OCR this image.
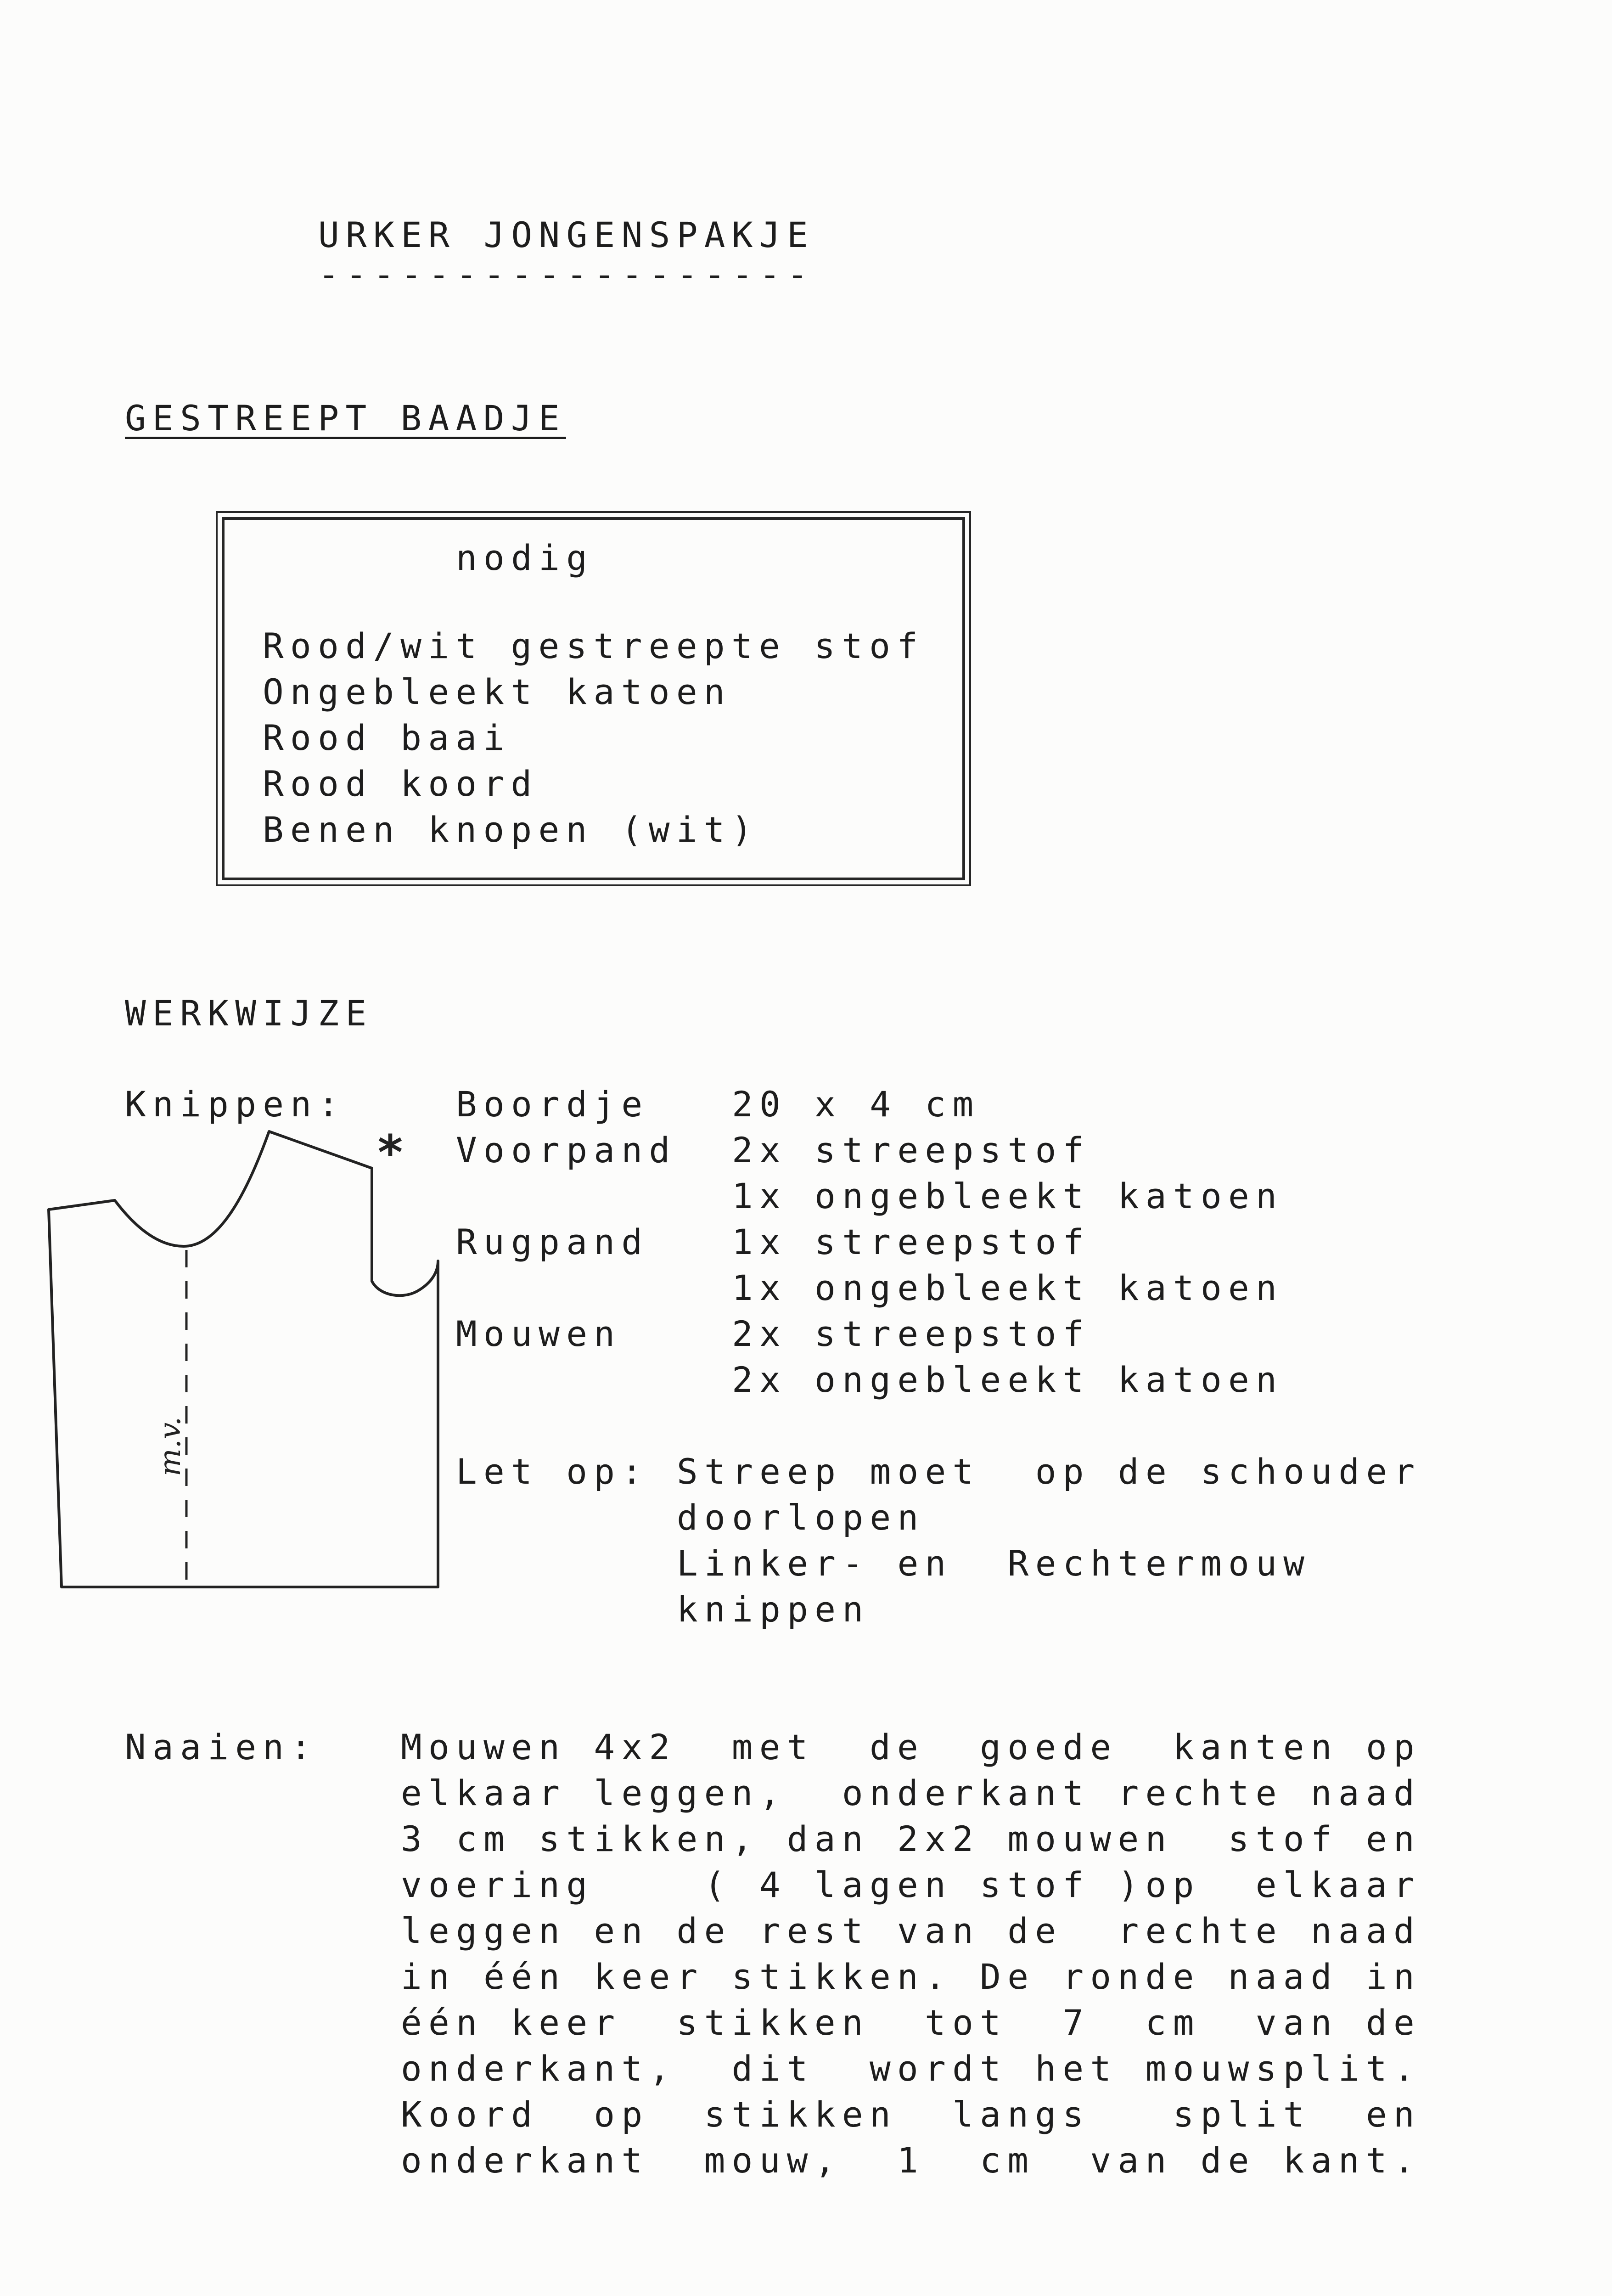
URKER JONGENSPAKJE
------------------
GESTREEPT BAADJE
nodig
Rood/wit gestreepte stof
Ongebleekt katoen
Rood baai
Rood koord
Benen knopen (wit)
WERKWIJZE
Knippen:	Boordje 20 x 4 cm
Voorpand 2x streepstof
1x ongebleekt katoen
Rugpand 1x streepstof
1x ongebleekt katoen
Mouwen	2x streepstof
2x ongebleekt katoen
Let op: Streep moet  op de schouder
doorlopen
Linker- en  Rechtermouw
knippen
m.v.
*
Naaien: Mouwen 4x2  met  de  goede  kanten op
elkaar leggen,  onderkant rechte naad
3 cm stikken, dan 2x2 mouwen  stof en
voering    ( 4 lagen stof )op  elkaar
leggen en de rest van de  rechte naad
in één keer stikken. De ronde naad in
één keer  stikken  tot  7  cm  van de
onderkant,  dit  wordt het mouwsplit.
Koord  op  stikken  langs   split  en
onderkant  mouw,  1  cm  van de kant.
